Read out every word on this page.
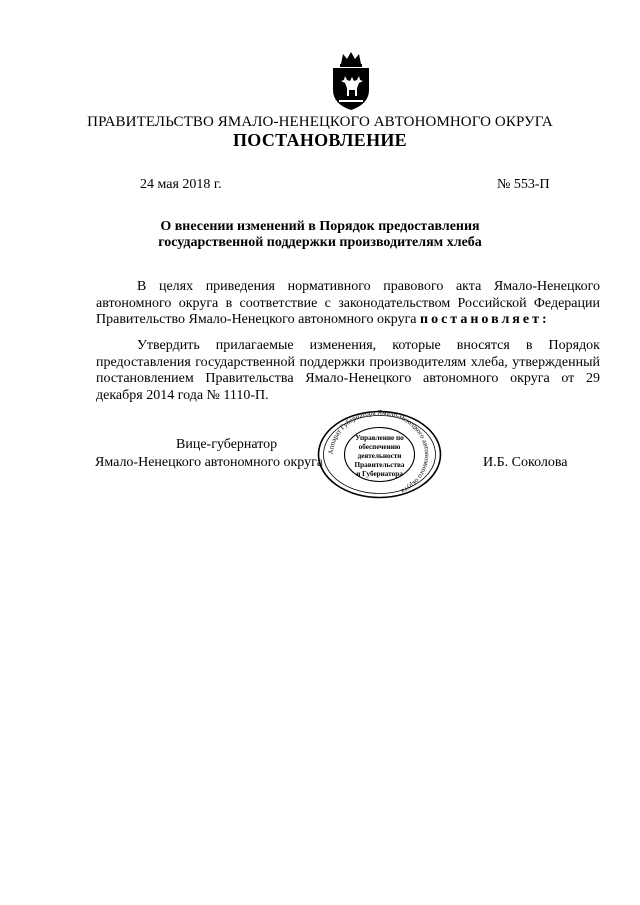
ПРАВИТЕЛЬСТВО ЯМАЛО-НЕНЕЦКОГО АВТОНОМНОГО ОКРУГА
ПОСТАНОВЛЕНИЕ
24 мая 2018 г.	№ 553-П
О внесении изменений в Порядок предоставления
государственной поддержки производителям хлеба

В целях приведения нормативного правового акта Ямало-Ненецкого автономного округа в соответствие с законодательством Российской Федерации Правительство Ямало-Ненецкого автономного округа постановляет:

Утвердить прилагаемые изменения, которые вносятся в Порядок предоставления государственной поддержки производителям хлеба, утвержденный постановлением Правительства Ямало-Ненецкого автономного округа от 29 декабря 2014 года № 1110-П.

Вице-губернатор
Ямало-Ненецкого автономного округа
Аппарат Губернатора Ямало-Ненецкого автономного округа
Управление по
обеспечению
деятельности
Правительства
и Губернатора
И.Б. Соколова
